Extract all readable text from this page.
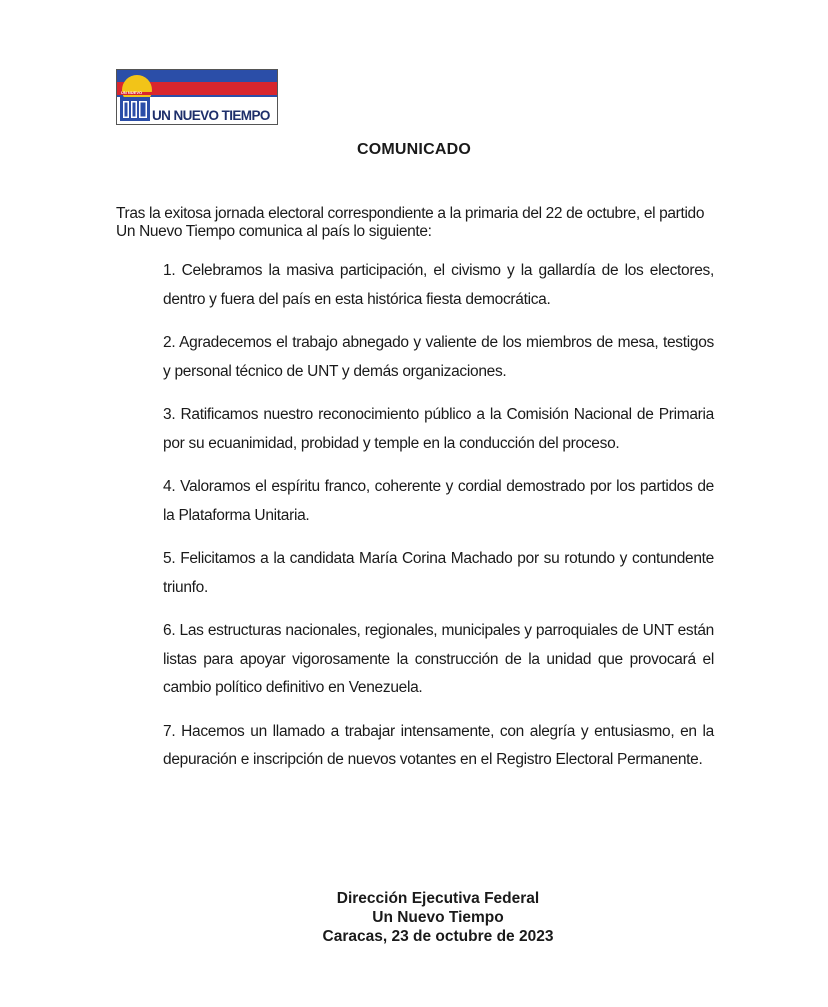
UN NUEVO
UN NUEVO TIEMPO
COMUNICADO
Tras la exitosa jornada electoral correspondiente a la primaria del 22 de octubre, el partido Un Nuevo Tiempo comunica al país lo siguiente:

1. Celebramos la masiva participación, el civismo y la gallardía de los electores, dentro y fuera del país en esta histórica fiesta democrática.

2. Agradecemos el trabajo abnegado y valiente de los miembros de mesa, testigos y personal técnico de UNT y demás organizaciones.

3. Ratificamos nuestro reconocimiento público a la Comisión Nacional de Primaria por su ecuanimidad, probidad y temple en la conducción del proceso.

4. Valoramos el espíritu franco, coherente y cordial demostrado por los partidos de la Plataforma Unitaria.

5. Felicitamos a la candidata María Corina Machado por su rotundo y contundente triunfo.

6. Las estructuras nacionales, regionales, municipales y parroquiales de UNT están listas para apoyar vigorosamente la construcción de la unidad que provocará el cambio político definitivo en Venezuela.

7. Hacemos un llamado a trabajar intensamente, con alegría y entusiasmo, en la depuración e inscripción de nuevos votantes en el Registro Electoral Permanente.

Dirección Ejecutiva Federal
Un Nuevo Tiempo
Caracas, 23 de octubre de 2023
